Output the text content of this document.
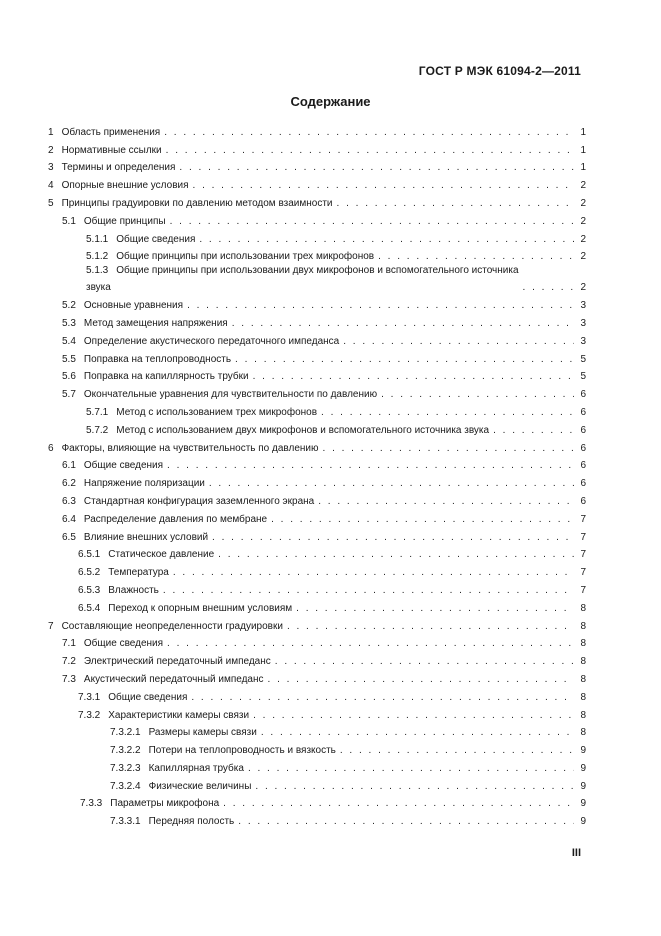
ГОСТ Р МЭК 61094-2—2011
Содержание
1 Область применения . . .	1
2 Нормативные ссылки . . .	1
3 Термины и определения . . .	1
4 Опорные внешние условия . . .	2
5 Принципы градуировки по давлению методом взаимности . . .	2
5.1 Общие принципы . . .	2
5.1.1 Общие сведения . . .	2
5.1.2 Общие принципы при использовании трех микрофонов . . .	2
5.1.3 Общие принципы при использовании двух микрофонов и вспомогательного источника
звука . . .	2
5.2 Основные уравнения . . .	3
5.3 Метод замещения напряжения . . .	3
5.4 Определение акустического передаточного импеданса . . .	3
5.5 Поправка на теплопроводность . . .	5
5.6 Поправка на капиллярность трубки . . .	5
5.7 Окончательные уравнения для чувствительности по давлению . . .	6
5.7.1 Метод с использованием трех микрофонов . . .	6
5.7.2 Метод с использованием двух микрофонов и вспомогательного источника звука . . .	6
6 Факторы, влияющие на чувствительность по давлению . . .	6
6.1 Общие сведения . . .	6
6.2 Напряжение поляризации . . .	6
6.3 Стандартная конфигурация заземленного экрана . . .	6
6.4 Распределение давления по мембране . . .	7
6.5 Влияние внешних условий . . .	7
6.5.1 Статическое давление . . .	7
6.5.2 Температура . . .	7
6.5.3 Влажность . . .	7
6.5.4 Переход к опорным внешним условиям . . .	8
7 Составляющие неопределенности градуировки . . .	8
7.1 Общие сведения . . .	8
7.2 Электрический передаточный импеданс . . .	8
7.3 Акустический передаточный импеданс . . .	8
7.3.1 Общие сведения . . .	8
7.3.2 Характеристики камеры связи . . .	8
7.3.2.1 Размеры камеры связи . . .	8
7.3.2.2 Потери на теплопроводность и вязкость . . .	9
7.3.2.3 Капиллярная трубка . . .	9
7.3.2.4 Физические величины . . .	9
7.3.3 Параметры микрофона . . .	9
7.3.3.1 Передняя полость . . .	9
III
